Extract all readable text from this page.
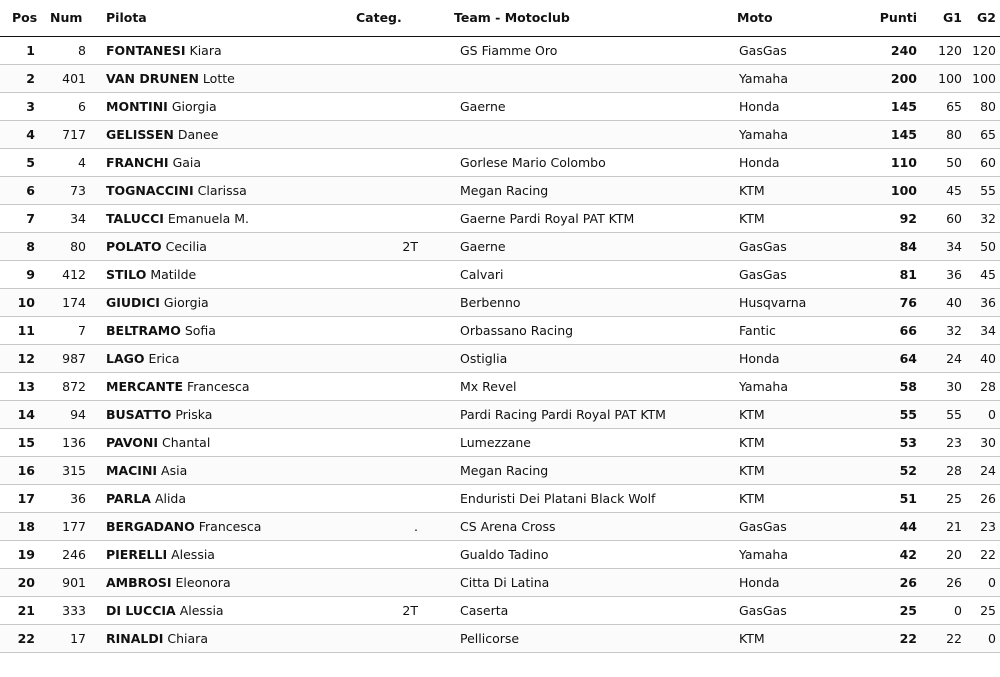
Pos	Num	Pilota	Categ.	Team - Motoclub	Moto	Punti	G1	G2
1	8	FONTANESI Kiara		GS Fiamme Oro	GasGas	240	120	120
2	401	VAN DRUNEN Lotte			Yamaha	200	100	100
3	6	MONTINI Giorgia		Gaerne	Honda	145	65	80
4	717	GELISSEN Danee			Yamaha	145	80	65
5	4	FRANCHI Gaia		Gorlese Mario Colombo	Honda	110	50	60
6	73	TOGNACCINI Clarissa		Megan Racing	KTM	100	45	55
7	34	TALUCCI Emanuela M.		Gaerne Pardi Royal PAT KTM	KTM	92	60	32
8	80	POLATO Cecilia	2T	Gaerne	GasGas	84	34	50
9	412	STILO Matilde		Calvari	GasGas	81	36	45
10	174	GIUDICI Giorgia		Berbenno	Husqvarna	76	40	36
11	7	BELTRAMO Sofia		Orbassano Racing	Fantic	66	32	34
12	987	LAGO Erica		Ostiglia	Honda	64	24	40
13	872	MERCANTE Francesca		Mx Revel	Yamaha	58	30	28
14	94	BUSATTO Priska		Pardi Racing Pardi Royal PAT KTM	KTM	55	55	0
15	136	PAVONI Chantal		Lumezzane	KTM	53	23	30
16	315	MACINI Asia		Megan Racing	KTM	52	28	24
17	36	PARLA Alida		Enduristi Dei Platani Black Wolf	KTM	51	25	26
18	177	BERGADANO Francesca	.	CS Arena Cross	GasGas	44	21	23
19	246	PIERELLI Alessia		Gualdo Tadino	Yamaha	42	20	22
20	901	AMBROSI Eleonora		Citta Di Latina	Honda	26	26	0
21	333	DI LUCCIA Alessia	2T	Caserta	GasGas	25	0	25
22	17	RINALDI Chiara		Pellicorse	KTM	22	22	0
